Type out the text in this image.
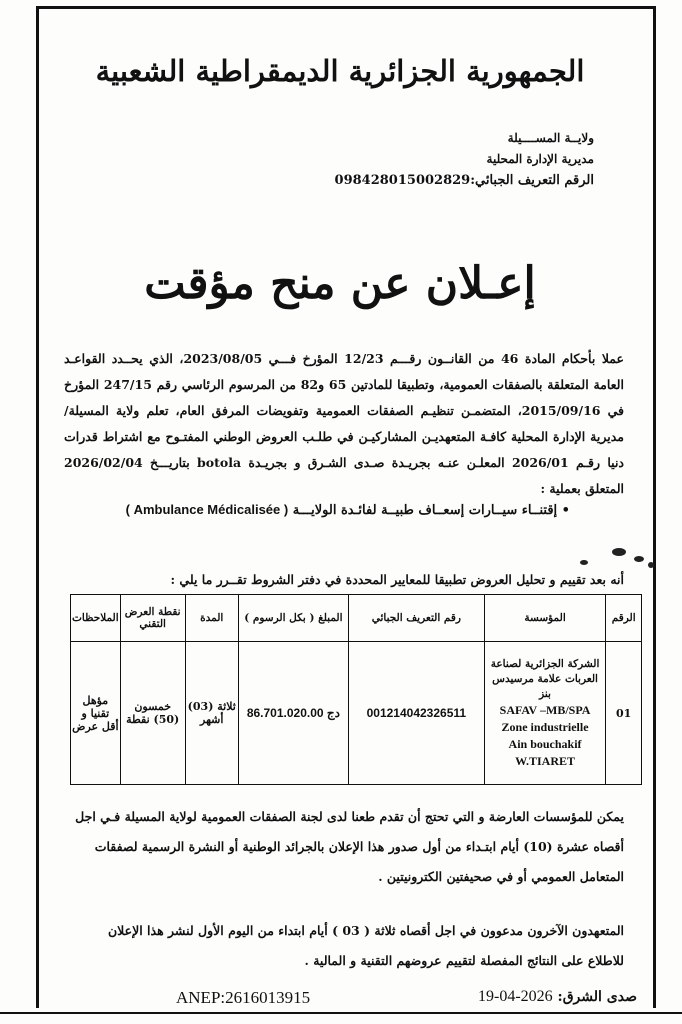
الجمهورية الجزائرية الديمقراطية الشعبية
ولايــة المســــيلة
مديرية الإدارة المحلية
الرقم التعريف الجبائي:098428015002829
إعـلان عن منح مؤقت
عملا بأحكام المادة 46 من القانــون رقـــم 12/23 المؤرخ فـــي 2023/08/05، الذي يحــدد القواعـد العامة المتعلقة بالصفقات العمومية، وتطبيقا للمادتين 65 و82 من المرسوم الرئاسي رقم 247/15 المؤرخ في 2015/09/16، المتضمـن تنظيـم الصفقات العمومية وتفويضات المرفق العام، تعلم ولاية المسيلة/مديرية الإدارة المحلية كافـة المتعهديـن المشاركيـن في طلـب العروض الوطني المفتـوح مع اشتراط قدرات دنيا رقـم 2026/01 المعلـن عنـه بجريـدة صـدى الشـرق و بجريـدة botola بتاريـــخ 2026/02/04 المتعلق بعملية :
• إقتنــاء سيــارات إسعــاف طبيــة لفائـدة الولايـــة ( Ambulance Médicalisée )
أنه بعد تقييم و تحليل العروض تطبيقا للمعايير المحددة في دفتر الشروط تقــرر ما يلي :
الرقم	المؤسسة	رقم التعريف الجبائي	المبلغ ( بكل الرسوم )	المدة	نقطة العرض التقني	الملاحظات
01	الشركة الجزائرية لصناعة العربات علامة مرسيدس بنز
SAFAV –MB/SPA
Zone industrielle
Ain bouchakif
W.TIARET	001214042326511	86.701.020.00 دج	ثلاثة (03) أشهر	خمسون (50) نقطة	مؤهل تقنيا و أقل عرض
يمكن للمؤسسات العارضة و التي تحتج أن تقدم طعنا لدى لجنة الصفقات العمومية لولاية المسيلة فـي اجل أقصاه عشرة (10) أيام ابتـداء من أول صدور هذا الإعلان بالجرائد الوطنية أو النشرة الرسمية لصفقات المتعامل العمومي أو في صحيفتين الكترونيتين .
المتعهدون الآخرون مدعوون في اجل أقصاه ثلاثة ( 03 ) أيام ابتداء من اليوم الأول لنشر هذا الإعلان للاطلاع على النتائج المفصلة لتقييم عروضهم التقنية و المالية .
ANEP:2616013915	صدى الشرق: 2026-04-19
